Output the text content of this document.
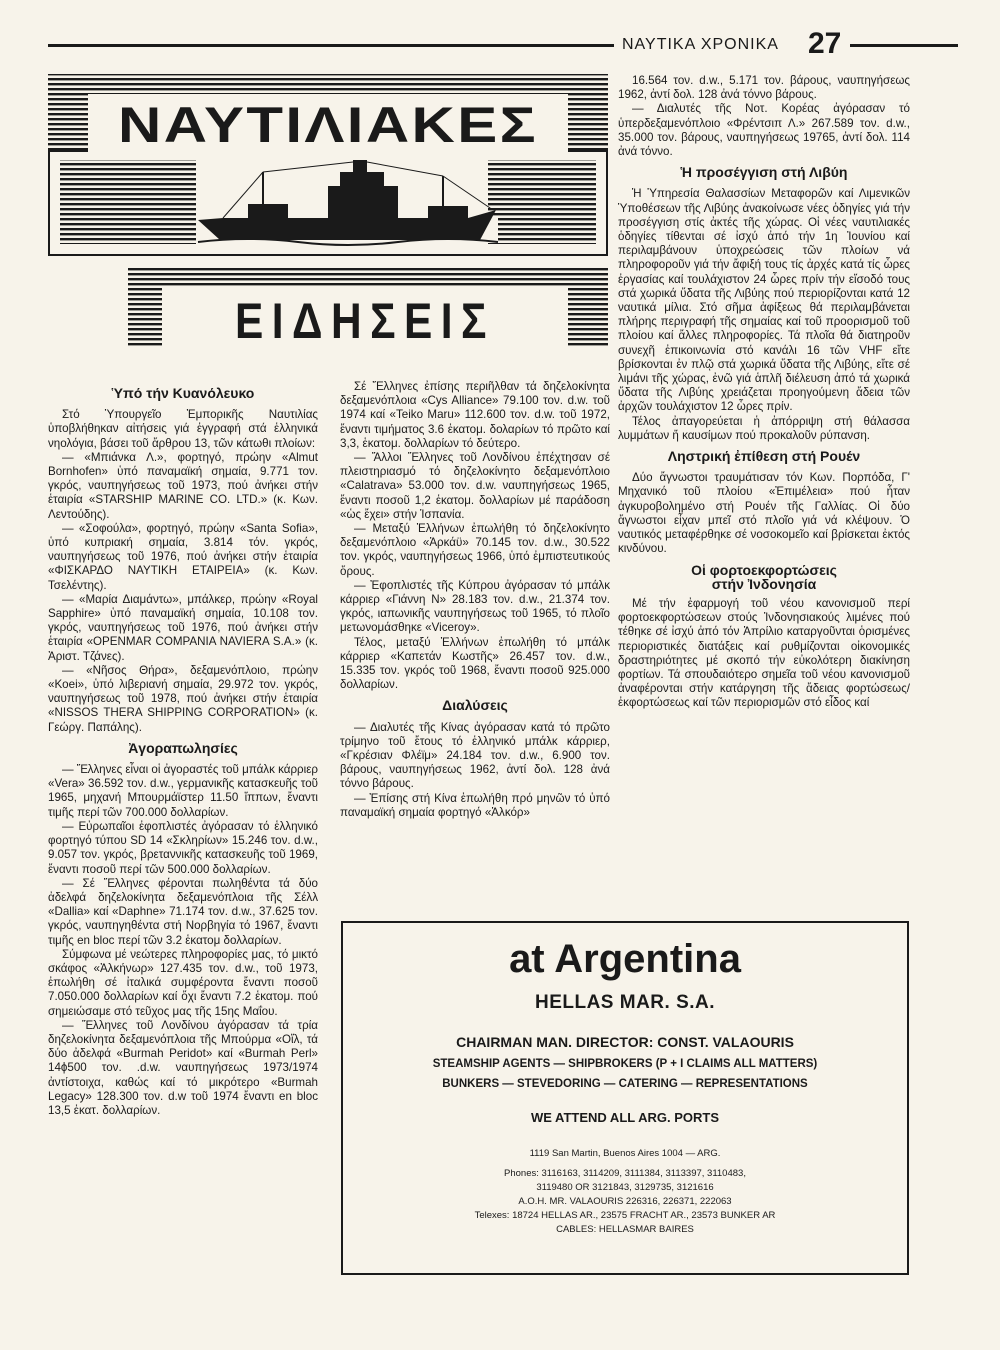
ΝΑΥΤΙΚΑ ΧΡΟΝΙΚΑ 27
ΝΑΥΤΙΛΙΑΚΕΣ
ΕΙΔΗΣΕΙΣ
Ὑπό τήν Κυανόλευκο

Στό Ὑπουργεῖο Ἐμπορικῆς Ναυτιλίας ὑποβλήθηκαν αἰτήσεις γιά ἐγγραφή στά ἑλληνικά νηολόγια, βάσει τοῦ ἄρθρου 13, τῶν κάτωθι πλοίων:

— «Μπιάνκα Λ.», φορτηγό, πρώην «Almut Bornhofen» ὑπό παναμαϊκή σημαία, 9.771 τον. γκρός, ναυπηγήσεως τοῦ 1973, πού ἀνήκει στήν ἑταιρία «STARSHIP MARINE CO. LTD.» (κ. Κων. Λεντούδης).

— «Σοφούλα», φορτηγό, πρώην «Santa Sofia», ὑπό κυπριακή σημαία, 3.814 τόν. γκρός, ναυπηγήσεως τοῦ 1976, πού ἀνήκει στήν ἑταιρία «ΦΙΣΚΑΡΔΟ ΝΑΥΤΙΚΗ ΕΤΑΙΡΕΙΑ» (κ. Κων. Τσελέντης).

— «Μαρία Διαμάντω», μπάλκερ, πρώην «Royal Sapphire» ὑπό παναμαϊκή σημαία, 10.108 τον. γκρός, ναυπηγήσεως τοῦ 1976, πού ἀνήκει στήν ἑταιρία «OPENMAR COMPANIA NAVIERA S.A.» (κ. Ἀριστ. Τζάνες).

— «Νῆσος Θήρα», δεξαμενόπλοιο, πρώην «Koei», ὑπό λιβεριανή σημαία, 29.972 τον. γκρός, ναυπηγήσεως τοῦ 1978, πού ἀνήκει στήν ἑταιρία «NISSOS THERA SHIPPING CORPORATION» (κ. Γεώργ. Παπάλης).

Ἀγοραπωλησίες

— Ἕλληνες εἶναι οἱ ἀγοραστές τοῦ μπάλκ κάρριερ «Vera» 36.592 τον. d.w., γερμανικῆς κατασκευῆς τοῦ 1965, μηχανή Μπουρμάϊστερ 11.50 ἵππων, ἔναντι τιμῆς περί τῶν 700.000 δολλαρίων.

— Εὐρωπαῖοι ἐφοπλιστές ἀγόρασαν τό ἑλληνικό φορτηγό τύπου SD 14 «Σκληρίων» 15.246 τον. d.w., 9.057 τον. γκρός, βρεταννικῆς κατασκευῆς τοῦ 1969, ἔναντι ποσοῦ περί τῶν 500.000 δολλαρίων.

— Σέ Ἕλληνες φέρονται πωληθέντα τά δύο ἀδελφά δηζελοκίνητα δεξαμενόπλοια τῆς Σέλλ «Dallia» καί «Daphne» 71.174 τον. d.w., 37.625 τον. γκρός, ναυπηγηθέντα στή Νορβηγία τό 1967, ἔναντι τιμῆς en bloc περί τῶν 3.2 ἑκατομ δολλαρίων.

Σύμφωνα μέ νεώτερες πληροφορίες μας, τό μικτό σκάφος «Ἀλκήνωρ» 127.435 τον. d.w., τοῦ 1973, ἐπωλήθη σέ ἰταλικά συμφέροντα ἔναντι ποσοῦ 7.050.000 δολλαρίων καί ὄχι ἔναντι 7.2 ἑκατομ. πού σημειώσαμε στό τεῦχος μας τῆς 15ης Μαΐου.

— Ἕλληνες τοῦ Λονδίνου ἀγόρασαν τά τρία δηζελοκίνητα δεξαμενόπλοια τῆς Μπούρμα «Οἴλ, τά δύο ἀδελφά «Burmah Peridot» καί «Burmah Perl» 14ϕ500 τον. .d.w. ναυπηγήσεως 1973/1974 ἀντίστοιχα, καθώς καί τό μικρότερο «Burmah Legacy» 128.300 τον. d.w τοῦ 1974 ἔναντι en bloc 13,5 ἑκατ. δολλαρίων.

Σέ Ἕλληνες ἐπίσης περιῆλθαν τά δηζελοκίνητα δεξαμενόπλοια «Cys Alliance» 79.100 τον. d.w. τοῦ 1974 καί «Teiko Maru» 112.600 τον. d.w. τοῦ 1972, ἔναντι τιμήματος 3.6 ἑκατομ. δολαρίων τό πρῶτο καί 3,3, ἑκατομ. δολλαρίων τό δεύτερο.

— Ἄλλοι Ἕλληνες τοῦ Λονδίνου ἐπέχτησαν σέ πλειστηριασμό τό δηζελοκίνητο δεξαμενόπλοιο «Calatrava» 53.000 τον. d.w. ναυπηγήσεως 1965, ἔναντι ποσοῦ 1,2 ἑκατομ. δολλαρίων μέ παράδοση «ὡς ἔχει» στήν Ἱσπανία.

— Μεταξύ Ἑλλήνων ἐπωλήθη τό δηζελοκίνητο δεξαμενόπλοιο «Ἀρκάϋ» 70.145 τον. d.w., 30.522 τον. γκρός, ναυπηγήσεως 1966, ὑπό ἐμπιστευτικούς ὅρους.

— Ἐφοπλιστές τῆς Κύπρου ἀγόρασαν τό μπάλκ κάρριερ «Γιάννη Ν» 28.183 τον. d.w., 21.374 τον. γκρός, ιαπωνικῆς ναυπηγήσεως τοῦ 1965, τό πλοῖο μετωνομάσθηκε «Viceroy».

Τέλος, μεταξύ Ἑλλήνων ἐπωλήθη τό μπάλκ κάρριερ «Καπετάν Κωστῆς» 26.457 τον. d.w., 15.335 τον. γκρός τοῦ 1968, ἔναντι ποσοῦ 925.000 δολλαρίων.

Διαλύσεις

— Διαλυτές τῆς Κίνας ἀγόρασαν κατά τό πρῶτο τρίμηνο τοῦ ἔτους τό ἑλληνικό μπάλκ κάρριερ, «Γκρέσιαν Φλέϊμ» 24.184 τον. d.w., 6.900 τον. βάρους, ναυπηγήσεως 1962, ἀντί δολ. 128 ἀνά τόννο βάρους.

— Ἐπίσης στή Κίνα ἐπωλήθη πρό μηνῶν τό ὑπό παναμαϊκή σημαία φορτηγό «Ἀλκόρ»

16.564 τον. d.w., 5.171 τον. βάρους, ναυπηγήσεως 1962, ἀντί δολ. 128 ἀνά τόννο βάρους.

— Διαλυτές τῆς Νοτ. Κορέας ἀγόρασαν τό ὑπερδεξαμενόπλοιο «Φρέντσιπ Λ.» 267.589 τον. d.w., 35.000 τον. βάρους, ναυπηγήσεως 19765, ἀντί δολ. 114 ἀνά τόννο.

Ἡ προσέγγιση στή Λιβύη

Ἡ Ὑπηρεσία Θαλασσίων Μεταφορῶν καί Λιμενικῶν Ὑποθέσεων τῆς Λιβύης ἀνακοίνωσε νέες ὁδηγίες γιά τήν προσέγγιση στίς ἀκτές τῆς χώρας. Οἱ νέες ναυτιλιακές ὁδηγίες τίθενται σέ ἰσχύ ἀπό τήν 1η Ἰουνίου καί περιλαμβάνουν ὑποχρεώσεις τῶν πλοίων νά πληροφοροῦν γιά τήν ἄφιξή τους τίς ἀρχές κατά τίς ὧρες ἐργασίας καί τουλάχιστον 24 ὧρες πρίν τήν εἴσοδό τους στά χωρικά ὕδατα τῆς Λιβύης πού περιορίζονται κατά 12 ναυτικά μίλια. Στό σῆμα ἀφίξεως θά περιλαμβάνεται πλήρης περιγραφή τῆς σημαίας καί τοῦ προορισμοῦ τοῦ πλοίου καί ἄλλες πληροφορίες. Τά πλοῖα θά διατηροῦν συνεχῆ ἐπικοινωνία στό κανάλι 16 τῶν VHF εἴτε βρίσκονται ἐν πλῷ στά χωρικά ὕδατα τῆς Λιβύης, εἴτε σέ λιμάνι τῆς χώρας, ἐνῶ γιά ἁπλῆ διέλευση ἀπό τά χωρικά ὕδατα τῆς Λιβύης χρειάζεται προηγούμενη ἄδεια τῶν ἀρχῶν τουλάχιστον 12 ὧρες πρίν.

Τέλος ἀπαγορεύεται ἡ ἀπόρριψη στή θάλασσα λυμμάτων ἤ καυσίμων πού προκαλοῦν ρύπανση.

Ληστρική ἐπίθεση στή Ρουέν

Δύο ἄγνωστοι τραυμάτισαν τόν Κων. Πορπόδα, Γ' Μηχανικό τοῦ πλοίου «Ἐπιμέλεια» πού ἦταν ἀγκυροβολημένο στή Ρουέν τῆς Γαλλίας. Οἱ δύο ἄγνωστοι εἶχαν μπεῖ στό πλοῖο γιά νά κλέψουν. Ὁ ναυτικός μεταφέρθηκε σέ νοσοκομεῖο καί βρίσκεται ἐκτός κινδύνου.

Οἱ φορτοεκφορτώσεις
στήν Ἰνδονησία

Μέ τήν ἐφαρμογή τοῦ νέου κανονισμοῦ περί φορτοεκφορτώσεων στούς Ἰνδονησιακούς λιμένες πού τέθηκε σέ ἰσχύ ἀπό τόν Ἀπρίλιο καταργοῦνται ὁρισμένες περιοριστικές διατάξεις καί ρυθμίζονται οἰκονομικές δραστηριότητες μέ σκοπό τήν εὐκολότερη διακίνηση φορτίων. Τά σπουδαιότερο σημεῖα τοῦ νέου κανονισμοῦ ἀναφέρονται στήν κατάργηση τῆς ἄδειας φορτώσεως/ ἐκφορτώσεως καί τῶν περιορισμῶν στό εἶδος καί

at Argentina
HELLAS MAR. S.A.
CHAIRMAN MAN. DIRECTOR: CONST. VALAOURIS
STEAMSHIP AGENTS — SHIPBROKERS (P + I CLAIMS ALL MATTERS)
BUNKERS — STEVEDORING — CATERING — REPRESENTATIONS
WE ATTEND ALL ARG. PORTS
1119 San Martin, Buenos Aires 1004 — ARG.
Phones: 3116163, 3114209, 3111384, 3113397, 3110483,
3119480 OR 3121843, 3129735, 3121616
A.O.H. MR. VALAOURIS 226316, 226371, 222063
Telexes: 18724 HELLAS AR., 23575 FRACHT AR., 23573 BUNKER AR
CABLES: HELLASMAR BAIRES
